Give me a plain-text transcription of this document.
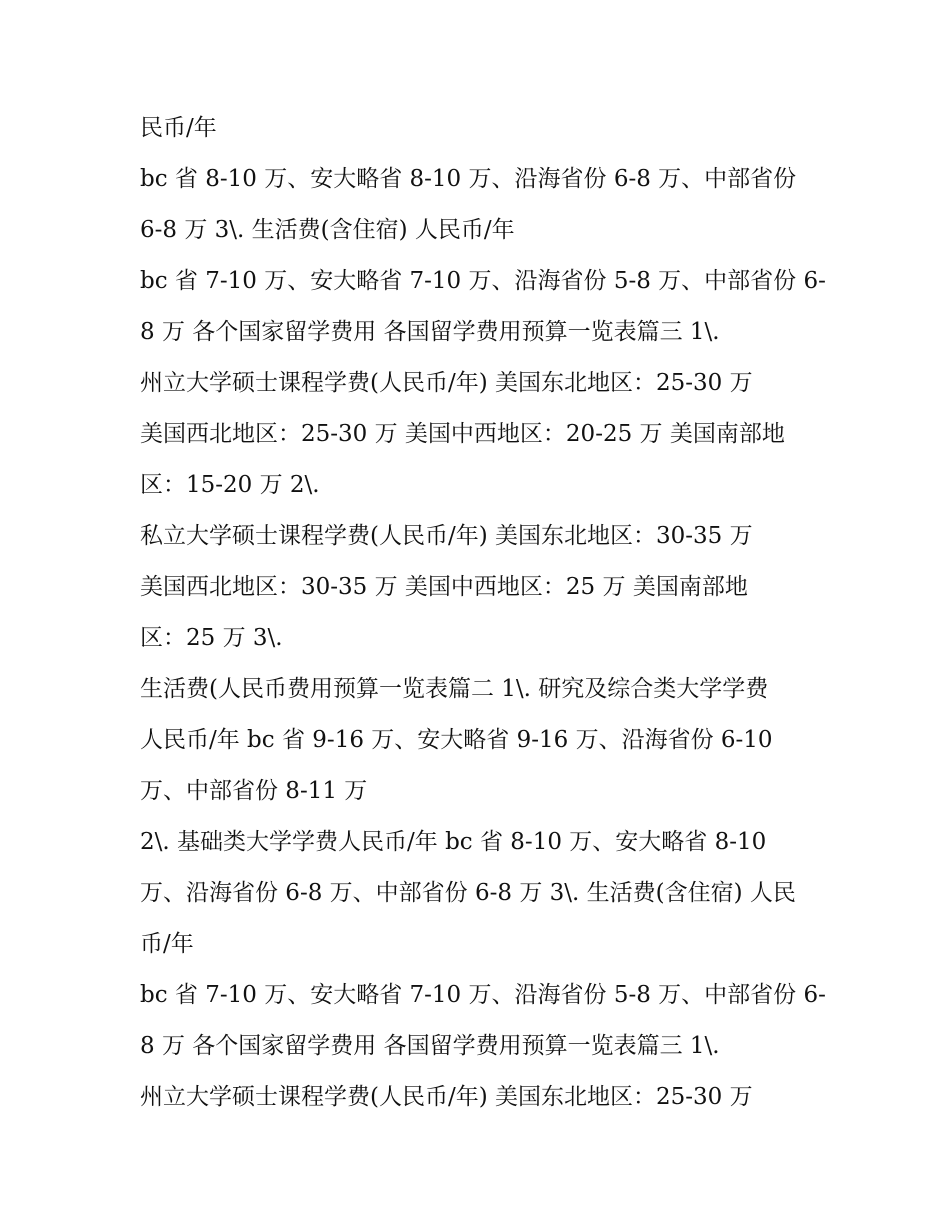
民币/年
bc 省 8-10 万、安大略省 8-10 万、沿海省份 6-8 万、中部省份
6-8 万 3\. 生活费(含住宿) 人民币/年
bc 省 7-10 万、安大略省 7-10 万、沿海省份 5-8 万、中部省份 6-
8 万 各个国家留学费用 各国留学费用预算一览表篇三 1\.
州立大学硕士课程学费(人民币/年) 美国东北地区：25-30 万
美国西北地区：25-30 万 美国中西地区：20-25 万 美国南部地
区：15-20 万 2\.
私立大学硕士课程学费(人民币/年) 美国东北地区：30-35 万
美国西北地区：30-35 万 美国中西地区：25 万 美国南部地
区：25 万 3\.
生活费(人民币费用预算一览表篇二 1\. 研究及综合类大学学费
人民币/年 bc 省 9-16 万、安大略省 9-16 万、沿海省份 6-10
万、中部省份 8-11 万
2\. 基础类大学学费人民币/年 bc 省 8-10 万、安大略省 8-10
万、沿海省份 6-8 万、中部省份 6-8 万 3\. 生活费(含住宿) 人民
币/年
bc 省 7-10 万、安大略省 7-10 万、沿海省份 5-8 万、中部省份 6-
8 万 各个国家留学费用 各国留学费用预算一览表篇三 1\.
州立大学硕士课程学费(人民币/年) 美国东北地区：25-30 万
